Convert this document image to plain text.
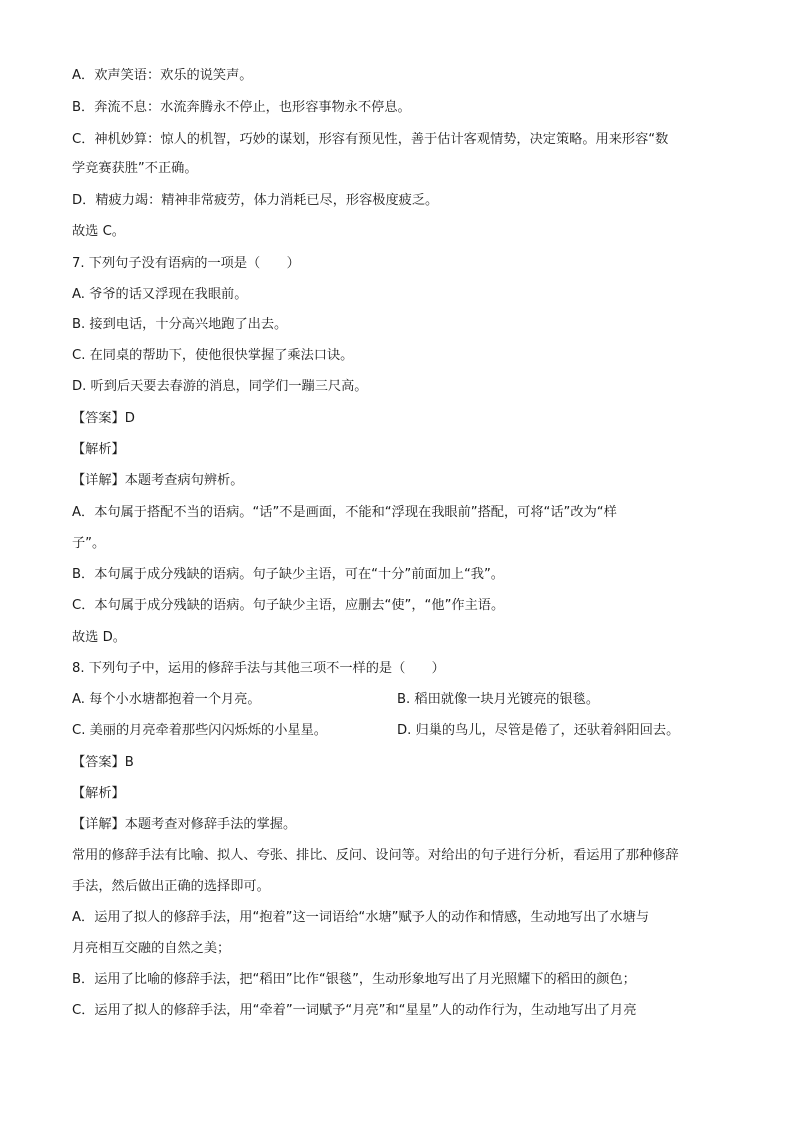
A．欢声笑语：欢乐的说笑声。
B．奔流不息：水流奔腾永不停止，也形容事物永不停息。
C．神机妙算：惊人的机智，巧妙的谋划，形容有预见性，善于估计客观情势，决定策略。用来形容“数
学竞赛获胜”不正确。
D．精疲力竭：精神非常疲劳，体力消耗已尽，形容极度疲乏。
故选 C。
7. 下列句子没有语病的一项是（　　）
A. 爷爷的话又浮现在我眼前。
B. 接到电话，十分高兴地跑了出去。
C. 在同桌的帮助下，使他很快掌握了乘法口诀。
D. 听到后天要去春游的消息，同学们一蹦三尺高。
【答案】D
【解析】
【详解】本题考查病句辨析。
A．本句属于搭配不当的语病。“话”不是画面，不能和“浮现在我眼前”搭配，可将“话”改为“样
子”。
B．本句属于成分残缺的语病。句子缺少主语，可在“十分”前面加上“我”。
C．本句属于成分残缺的语病。句子缺少主语，应删去“使”，“他”作主语。
故选 D。
8. 下列句子中，运用的修辞手法与其他三项不一样的是（　　）
A. 每个小水塘都抱着一个月亮。	B. 稻田就像一块月光镀亮的银毯。
C. 美丽的月亮牵着那些闪闪烁烁的小星星。	D. 归巢的鸟儿，尽管是倦了，还驮着斜阳回去。
【答案】B
【解析】
【详解】本题考查对修辞手法的掌握。
常用的修辞手法有比喻、拟人、夸张、排比、反问、设问等。对给出的句子进行分析，看运用了那种修辞
手法，然后做出正确的选择即可。
A．运用了拟人的修辞手法，用“抱着”这一词语给“水塘”赋予人的动作和情感，生动地写出了水塘与
月亮相互交融的自然之美；
B．运用了比喻的修辞手法，把“稻田”比作“银毯”，生动形象地写出了月光照耀下的稻田的颜色；
C．运用了拟人的修辞手法，用“牵着”一词赋予“月亮”和“星星”人的动作行为，生动地写出了月亮
